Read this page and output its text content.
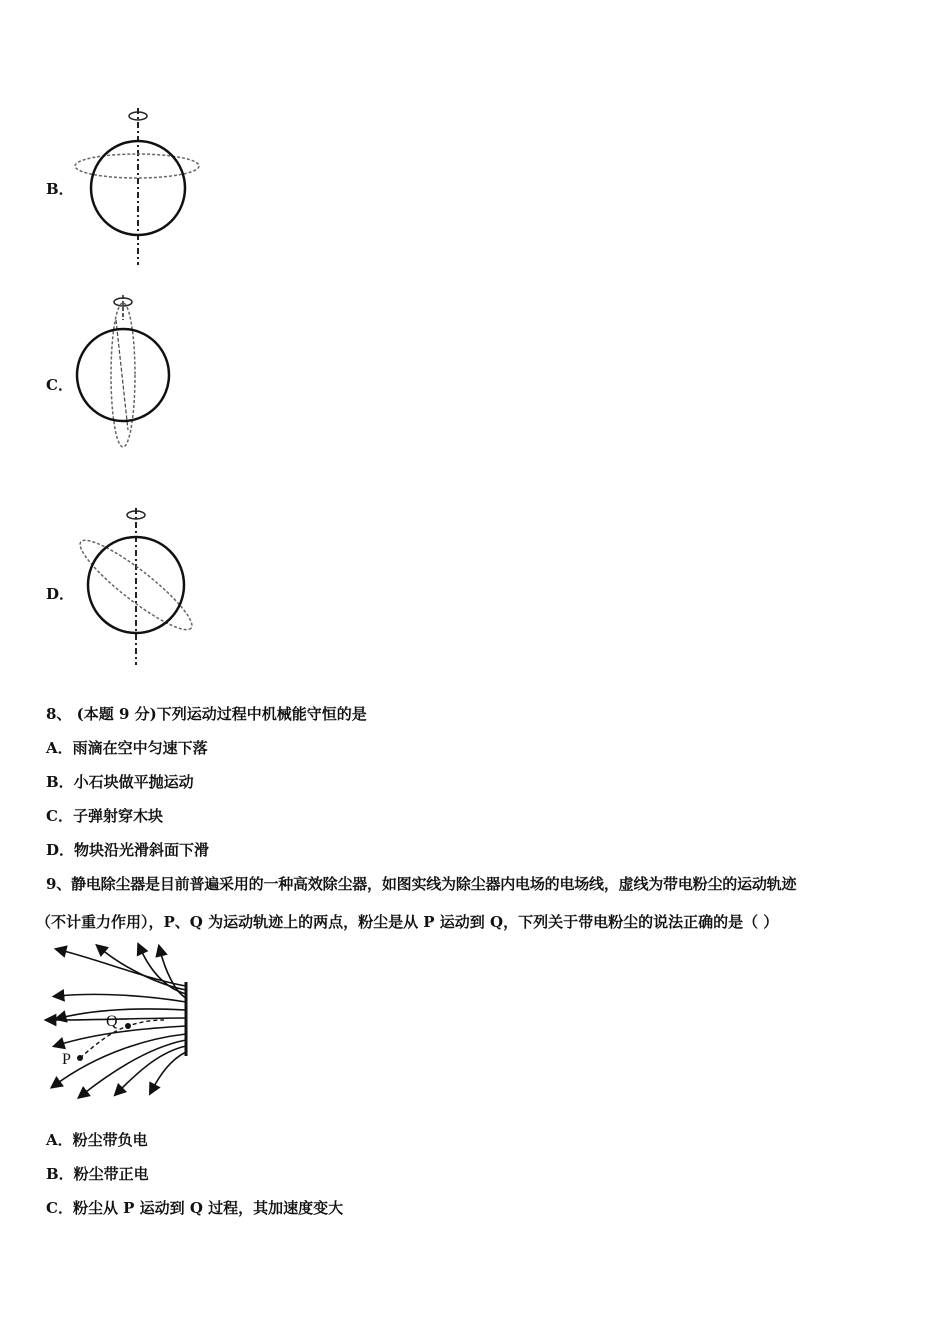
B．
C．
D．
8、 (本题 9 分)下列运动过程中机械能守恒的是
A．雨滴在空中匀速下落
B．小石块做平抛运动
C．子弹射穿木块
D．物块沿光滑斜面下滑
9、静电除尘器是目前普遍采用的一种高效除尘器，如图实线为除尘器内电场的电场线，虚线为带电粉尘的运动轨迹
（不计重力作用），P、Q 为运动轨迹上的两点，粉尘是从 P 运动到 Q，下列关于带电粉尘的说法正确的是（ ）
P
Q
A．粉尘带负电
B．粉尘带正电
C．粉尘从 P 运动到 Q 过程，其加速度变大
